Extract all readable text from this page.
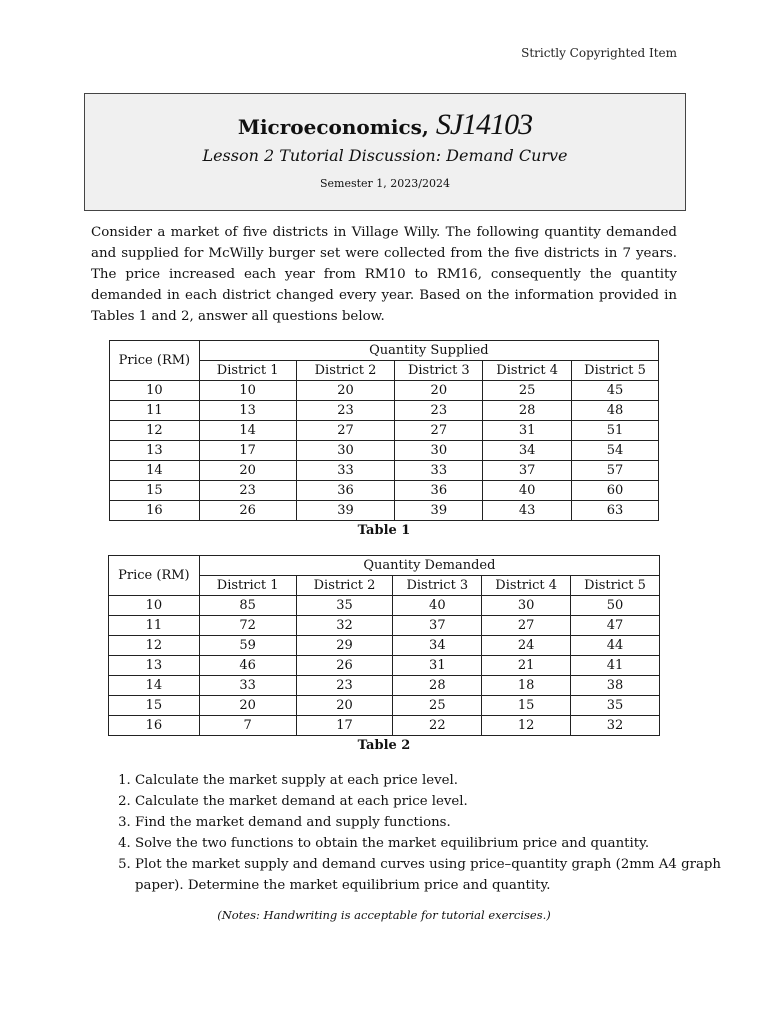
Strictly Copyrighted Item
Microeconomics, SJ14103
Lesson 2 Tutorial Discussion: Demand Curve
Semester 1, 2023/2024
Consider a market of five districts in Village Willy. The following quantity demanded and supplied for McWilly burger set were collected from the five districts in 7 years. The price increased each year from RM10 to RM16, consequently the quantity demanded in each district changed every year. Based on the information provided in Tables 1 and 2, answer all questions below.
Price (RM)	Quantity Supplied				
	District 1	District 2	District 3	District 4	District 5
10	10	20	20	25	45
11	13	23	23	28	48
12	14	27	27	31	51
13	17	30	30	34	54
14	20	33	33	37	57
15	23	36	36	40	60
16	26	39	39	43	63
Table 1
Price (RM)	Quantity Demanded				
	District 1	District 2	District 3	District 4	District 5
10	85	35	40	30	50
11	72	32	37	27	47
12	59	29	34	24	44
13	46	26	31	21	41
14	33	23	28	18	38
15	20	20	25	15	35
16	7	17	22	12	32
Table 2
1. Calculate the market supply at each price level.
2. Calculate the market demand at each price level.
3. Find the market demand and supply functions.
4. Solve the two functions to obtain the market equilibrium price and quantity.
5. Plot the market supply and demand curves using price–quantity graph (2mm A4 graph paper). Determine the market equilibrium price and quantity.
(Notes: Handwriting is acceptable for tutorial exercises.)
